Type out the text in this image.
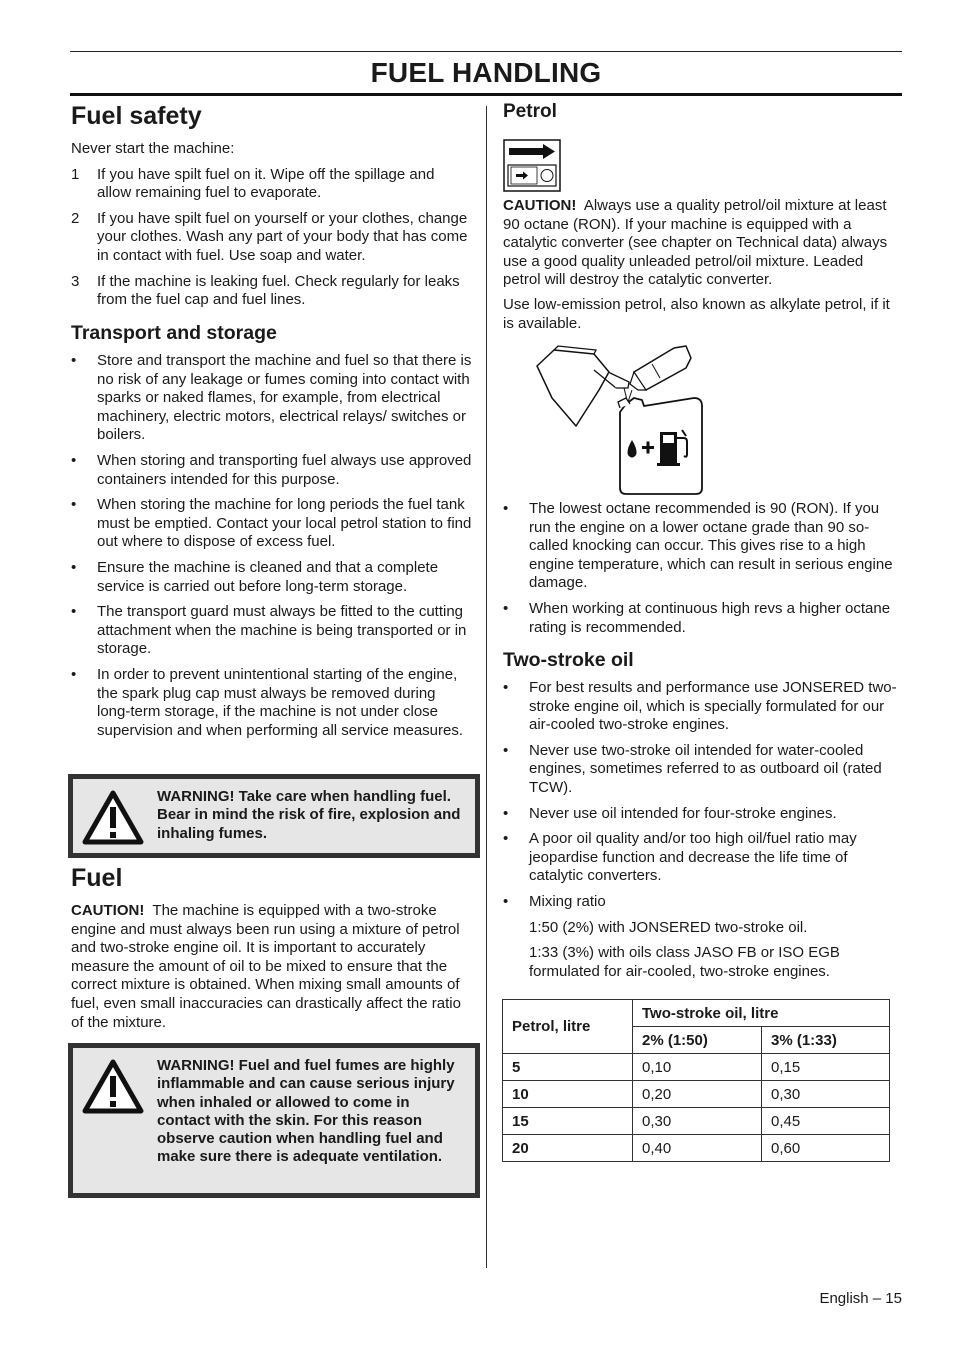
FUEL HANDLING
Fuel safety

Never start the machine:

1 If you have spilt fuel on it. Wipe off the spillage and allow remaining fuel to evaporate.
2 If you have spilt fuel on yourself or your clothes, change your clothes. Wash any part of your body that has come in contact with fuel. Use soap and water.
3 If the machine is leaking fuel. Check regularly for leaks from the fuel cap and fuel lines.
Transport and storage
• Store and transport the machine and fuel so that there is no risk of any leakage or fumes coming into contact with sparks or naked flames, for example, from electrical machinery, electric motors, electrical relays/ switches or boilers.
• When storing and transporting fuel always use approved containers intended for this purpose.
• When storing the machine for long periods the fuel tank must be emptied. Contact your local petrol station to find out where to dispose of excess fuel.
• Ensure the machine is cleaned and that a complete service is carried out before long-term storage.
• The transport guard must always be fitted to the cutting attachment when the machine is being transported or in storage.
• In order to prevent unintentional starting of the engine, the spark plug cap must always be removed during long-term storage, if the machine is not under close supervision and when performing all service measures.
WARNING! Take care when handling fuel. Bear in mind the risk of fire, explosion and inhaling fumes.
Fuel

CAUTION! The machine is equipped with a two-stroke engine and must always been run using a mixture of petrol and two-stroke engine oil. It is important to accurately measure the amount of oil to be mixed to ensure that the correct mixture is obtained. When mixing small amounts of fuel, even small inaccuracies can drastically affect the ratio of the mixture.

WARNING! Fuel and fuel fumes are highly inflammable and can cause serious injury when inhaled or allowed to come in contact with the skin. For this reason observe caution when handling fuel and make sure there is adequate ventilation.
Petrol

CAUTION! Always use a quality petrol/oil mixture at least 90 octane (RON). If your machine is equipped with a catalytic converter (see chapter on Technical data) always use a good quality unleaded petrol/oil mixture. Leaded petrol will destroy the catalytic converter.

Use low-emission petrol, also known as alkylate petrol, if it is available.

• The lowest octane recommended is 90 (RON). If you run the engine on a lower octane grade than 90 so-called knocking can occur. This gives rise to a high engine temperature, which can result in serious engine damage.
• When working at continuous high revs a higher octane rating is recommended.
Two-stroke oil
• For best results and performance use JONSERED two-stroke engine oil, which is specially formulated for our air-cooled two-stroke engines.
• Never use two-stroke oil intended for water-cooled engines, sometimes referred to as outboard oil (rated TCW).
• Never use oil intended for four-stroke engines.
• A poor oil quality and/or too high oil/fuel ratio may jeopardise function and decrease the life time of catalytic converters.
• Mixing ratio

1:50 (2%) with JONSERED two-stroke oil.

1:33 (3%) with oils class JASO FB or ISO EGB formulated for air-cooled, two-stroke engines.

Petrol, litre	Two-stroke oil, litre	
	2% (1:50)	3% (1:33)
5	0,10	0,15
10	0,20	0,30
15	0,30	0,45
20	0,40	0,60
English – 15
